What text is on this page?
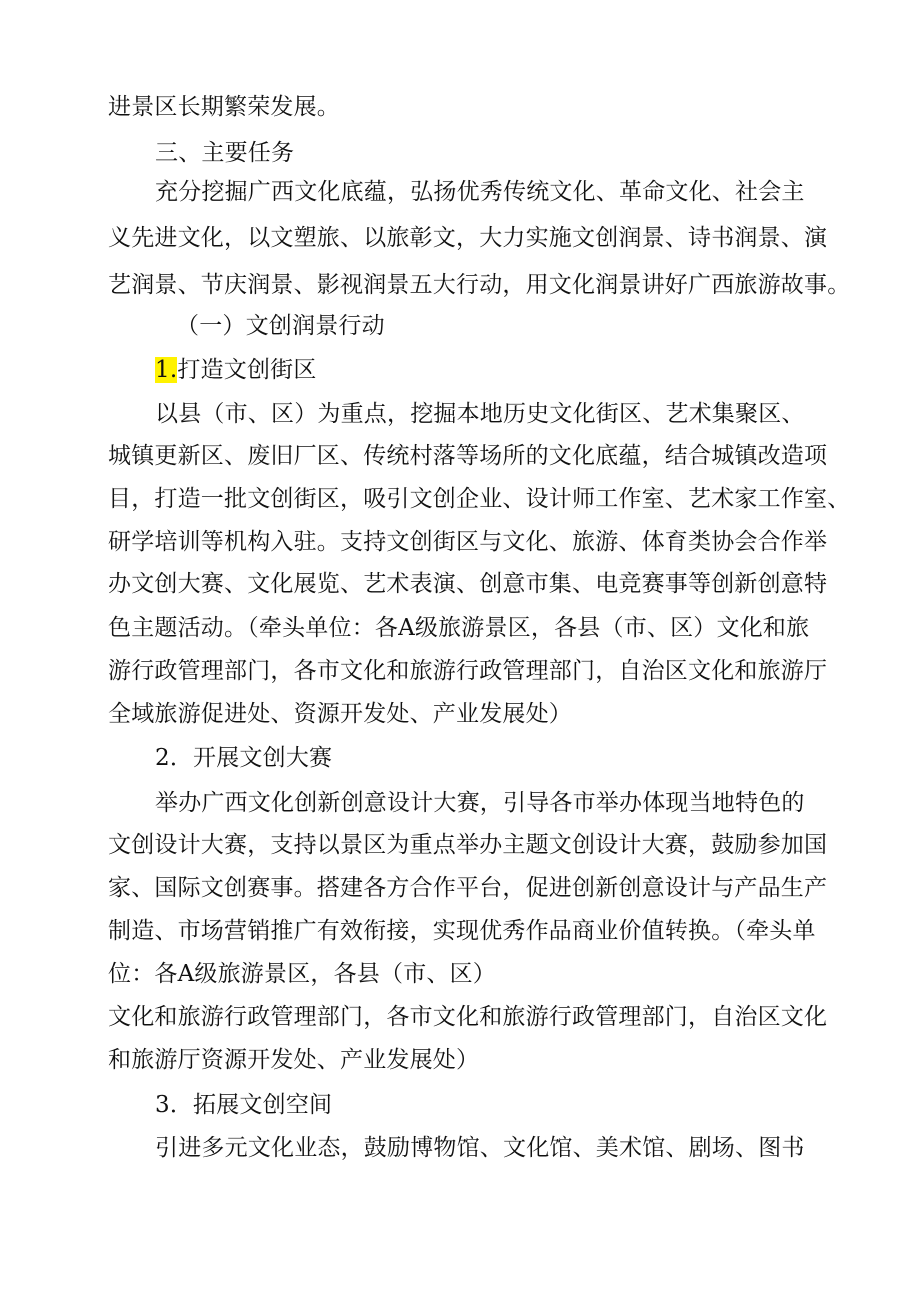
进景区长期繁荣发展。
三、主要任务
充分挖掘广西文化底蕴，弘扬优秀传统文化、革命文化、社会主
义先进文化，以文塑旅、以旅彰文，大力实施文创润景、诗书润景、演
艺润景、节庆润景、影视润景五大行动，用文化润景讲好广西旅游故事。
（一）文创润景行动
1.打造文创街区
以县（市、区）为重点，挖掘本地历史文化街区、艺术集聚区、
城镇更新区、废旧厂区、传统村落等场所的文化底蕴，结合城镇改造项
目，打造一批文创街区，吸引文创企业、设计师工作室、艺术家工作室、
研学培训等机构入驻。支持文创街区与文化、旅游、体育类协会合作举
办文创大赛、文化展览、艺术表演、创意市集、电竞赛事等创新创意特
色主题活动。（牵头单位：各A级旅游景区，各县（市、区）文化和旅
游行政管理部门，各市文化和旅游行政管理部门，自治区文化和旅游厅
全域旅游促进处、资源开发处、产业发展处）
2．开展文创大赛
举办广西文化创新创意设计大赛，引导各市举办体现当地特色的
文创设计大赛，支持以景区为重点举办主题文创设计大赛，鼓励参加国
家、国际文创赛事。搭建各方合作平台，促进创新创意设计与产品生产
制造、市场营销推广有效衔接，实现优秀作品商业价值转换。（牵头单
位：各A级旅游景区，各县（市、区）
文化和旅游行政管理部门，各市文化和旅游行政管理部门，自治区文化
和旅游厅资源开发处、产业发展处）
3．拓展文创空间
引进多元文化业态，鼓励博物馆、文化馆、美术馆、剧场、图书
